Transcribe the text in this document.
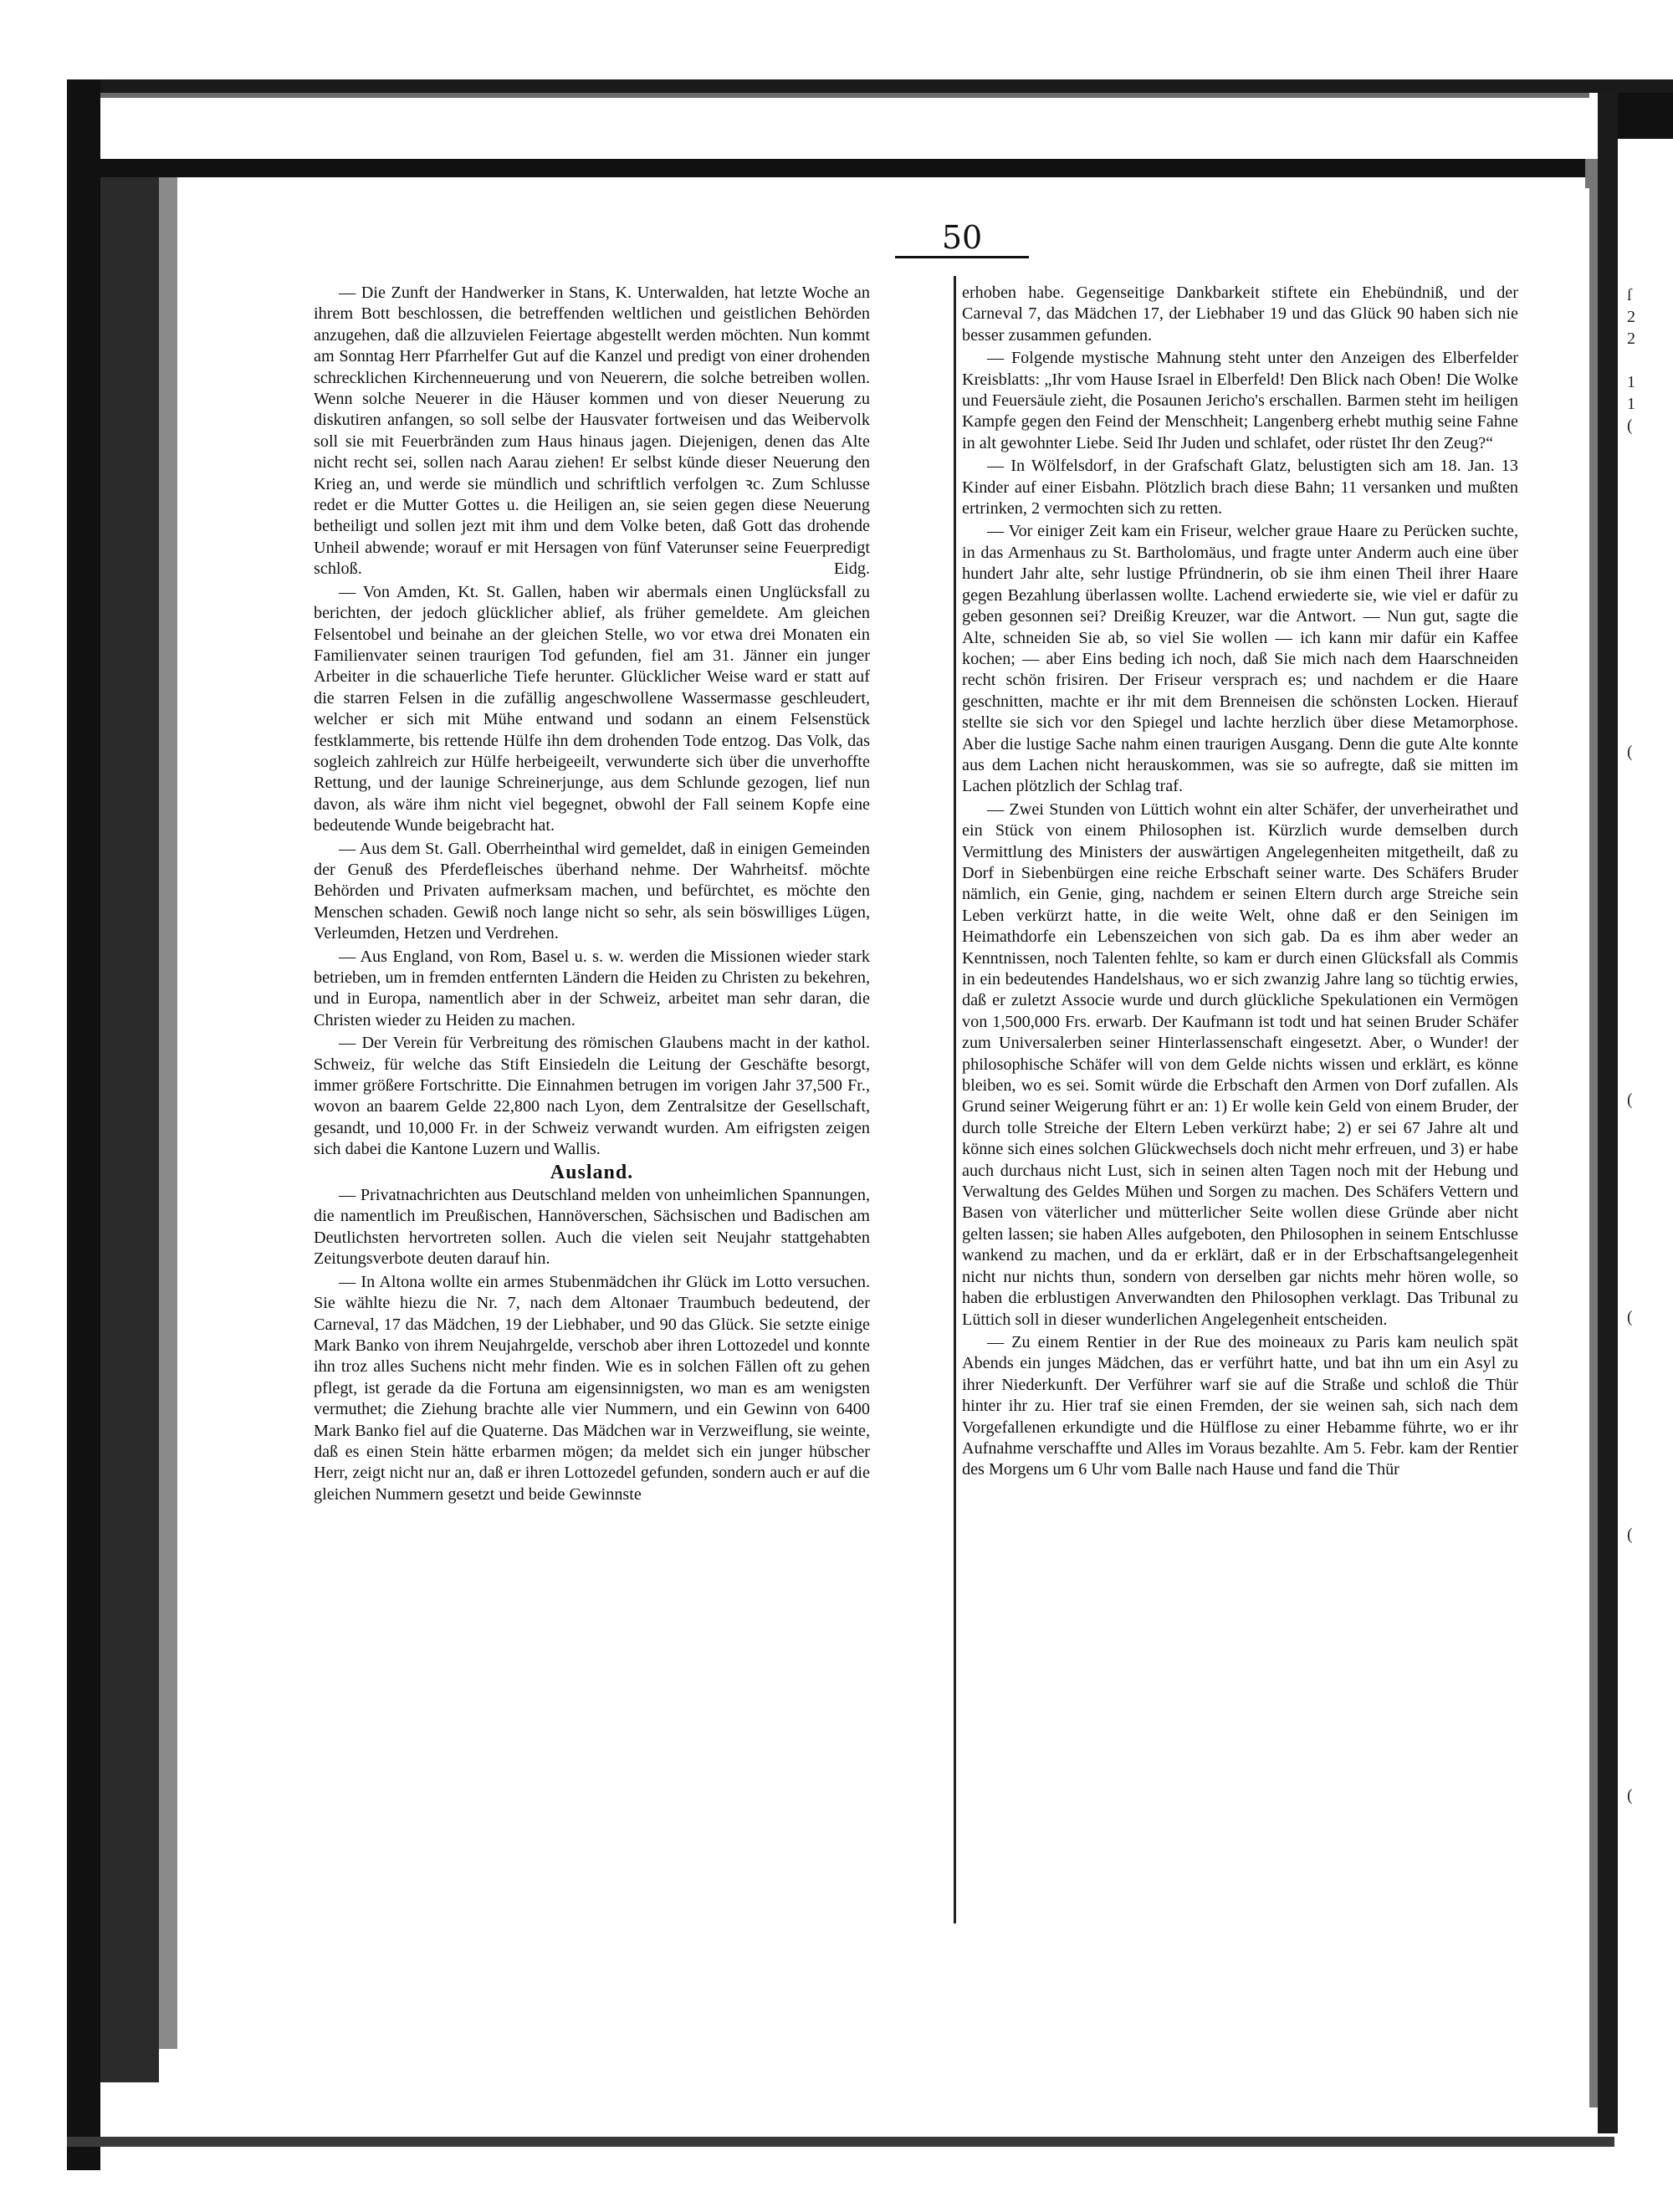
50

— Die Zunft der Handwerker in Stans, K. Unterwalden, hat letzte Woche an ihrem Bott beschlossen, die betreffenden weltlichen und geistlichen Behörden anzugehen, daß die allzuvielen Feiertage abgestellt werden möchten. Nun kommt am Sonntag Herr Pfarrhelfer Gut auf die Kanzel und predigt von einer drohenden schrecklichen Kirchenneuerung und von Neuerern, die solche betreiben wollen. Wenn solche Neuerer in die Häuser kommen und von dieser Neuerung zu diskutiren anfangen, so soll selbe der Hausvater fortweisen und das Weibervolk soll sie mit Feuerbränden zum Haus hinaus jagen. Diejenigen, denen das Alte nicht recht sei, sollen nach Aarau ziehen! Er selbst künde dieser Neuerung den Krieg an, und werde sie mündlich und schriftlich verfolgen ꝛc. Zum Schlusse redet er die Mutter Gottes u. die Heiligen an, sie seien gegen diese Neuerung betheiligt und sollen jezt mit ihm und dem Volke beten, daß Gott das drohende Unheil abwende; worauf er mit Hersagen von fünf Vaterunser seine Feuerpredigt schloß.	Eidg.

— Von Amden, Kt. St. Gallen, haben wir abermals einen Unglücksfall zu berichten, der jedoch glücklicher ablief, als früher gemeldete. Am gleichen Felsentobel und beinahe an der gleichen Stelle, wo vor etwa drei Monaten ein Familienvater seinen traurigen Tod gefunden, fiel am 31. Jänner ein junger Arbeiter in die schauerliche Tiefe herunter. Glücklicher Weise ward er statt auf die starren Felsen in die zufällig angeschwollene Wassermasse geschleudert, welcher er sich mit Mühe entwand und sodann an einem Felsenstück festklammerte, bis rettende Hülfe ihn dem drohenden Tode entzog. Das Volk, das sogleich zahlreich zur Hülfe herbeigeeilt, verwunderte sich über die unverhoffte Rettung, und der launige Schreinerjunge, aus dem Schlunde gezogen, lief nun davon, als wäre ihm nicht viel begegnet, obwohl der Fall seinem Kopfe eine bedeutende Wunde beigebracht hat.

— Aus dem St. Gall. Oberrheinthal wird gemeldet, daß in einigen Gemeinden der Genuß des Pferdefleisches überhand nehme. Der Wahrheitsf. möchte Behörden und Privaten aufmerksam machen, und befürchtet, es möchte den Menschen schaden. Gewiß noch lange nicht so sehr, als sein böswilliges Lügen, Verleumden, Hetzen und Verdrehen.

— Aus England, von Rom, Basel u. s. w. werden die Missionen wieder stark betrieben, um in fremden entfernten Ländern die Heiden zu Christen zu bekehren, und in Europa, namentlich aber in der Schweiz, arbeitet man sehr daran, die Christen wieder zu Heiden zu machen.

— Der Verein für Verbreitung des römischen Glaubens macht in der kathol. Schweiz, für welche das Stift Einsiedeln die Leitung der Geschäfte besorgt, immer größere Fortschritte. Die Einnahmen betrugen im vorigen Jahr 37,500 Fr., wovon an baarem Gelde 22,800 nach Lyon, dem Zentralsitze der Gesellschaft, gesandt, und 10,000 Fr. in der Schweiz verwandt wurden. Am eifrigsten zeigen sich dabei die Kantone Luzern und Wallis.

Ausland.

— Privatnachrichten aus Deutschland melden von unheimlichen Spannungen, die namentlich im Preußischen, Hannöverschen, Sächsischen und Badischen am Deutlichsten hervortreten sollen. Auch die vielen seit Neujahr stattgehabten Zeitungsverbote deuten darauf hin.

— In Altona wollte ein armes Stubenmädchen ihr Glück im Lotto versuchen. Sie wählte hiezu die Nr. 7, nach dem Altonaer Traumbuch bedeutend, der Carneval, 17 das Mädchen, 19 der Liebhaber, und 90 das Glück. Sie setzte einige Mark Banko von ihrem Neujahrgelde, verschob aber ihren Lottozedel und konnte ihn troz alles Suchens nicht mehr finden. Wie es in solchen Fällen oft zu gehen pflegt, ist gerade da die Fortuna am eigensinnigsten, wo man es am wenigsten vermuthet; die Ziehung brachte alle vier Nummern, und ein Gewinn von 6400 Mark Banko fiel auf die Quaterne. Das Mädchen war in Verzweiflung, sie weinte, daß es einen Stein hätte erbarmen mögen; da meldet sich ein junger hübscher Herr, zeigt nicht nur an, daß er ihren Lottozedel gefunden, sondern auch er auf die gleichen Nummern gesetzt und beide Gewinnste

erhoben habe. Gegenseitige Dankbarkeit stiftete ein Ehebündniß, und der Carneval 7, das Mädchen 17, der Liebhaber 19 und das Glück 90 haben sich nie besser zusammen gefunden.

— Folgende mystische Mahnung steht unter den Anzeigen des Elberfelder Kreisblatts: „Ihr vom Hause Israel in Elberfeld! Den Blick nach Oben! Die Wolke und Feuersäule zieht, die Posaunen Jericho's erschallen. Barmen steht im heiligen Kampfe gegen den Feind der Menschheit; Langenberg erhebt muthig seine Fahne in alt gewohnter Liebe. Seid Ihr Juden und schlafet, oder rüstet Ihr den Zeug?“

— In Wölfelsdorf, in der Grafschaft Glatz, belustigten sich am 18. Jan. 13 Kinder auf einer Eisbahn. Plötzlich brach diese Bahn; 11 versanken und mußten ertrinken, 2 vermochten sich zu retten.

— Vor einiger Zeit kam ein Friseur, welcher graue Haare zu Perücken suchte, in das Armenhaus zu St. Bartholomäus, und fragte unter Anderm auch eine über hundert Jahr alte, sehr lustige Pfründnerin, ob sie ihm einen Theil ihrer Haare gegen Bezahlung überlassen wollte. Lachend erwiederte sie, wie viel er dafür zu geben gesonnen sei? Dreißig Kreuzer, war die Antwort. — Nun gut, sagte die Alte, schneiden Sie ab, so viel Sie wollen — ich kann mir dafür ein Kaffee kochen; — aber Eins beding ich noch, daß Sie mich nach dem Haarschneiden recht schön frisiren. Der Friseur versprach es; und nachdem er die Haare geschnitten, machte er ihr mit dem Brenneisen die schönsten Locken. Hierauf stellte sie sich vor den Spiegel und lachte herzlich über diese Metamorphose. Aber die lustige Sache nahm einen traurigen Ausgang. Denn die gute Alte konnte aus dem Lachen nicht herauskommen, was sie so aufregte, daß sie mitten im Lachen plötzlich der Schlag traf.

— Zwei Stunden von Lüttich wohnt ein alter Schäfer, der unverheirathet und ein Stück von einem Philosophen ist. Kürzlich wurde demselben durch Vermittlung des Ministers der auswärtigen Angelegenheiten mitgetheilt, daß zu Dorf in Siebenbürgen eine reiche Erbschaft seiner warte. Des Schäfers Bruder nämlich, ein Genie, ging, nachdem er seinen Eltern durch arge Streiche sein Leben verkürzt hatte, in die weite Welt, ohne daß er den Seinigen im Heimathdorfe ein Lebenszeichen von sich gab. Da es ihm aber weder an Kenntnissen, noch Talenten fehlte, so kam er durch einen Glücksfall als Commis in ein bedeutendes Handelshaus, wo er sich zwanzig Jahre lang so tüchtig erwies, daß er zuletzt Associe wurde und durch glückliche Spekulationen ein Vermögen von 1,500,000 Frs. erwarb. Der Kaufmann ist todt und hat seinen Bruder Schäfer zum Universalerben seiner Hinterlassenschaft eingesetzt. Aber, o Wunder! der philosophische Schäfer will von dem Gelde nichts wissen und erklärt, es könne bleiben, wo es sei. Somit würde die Erbschaft den Armen von Dorf zufallen. Als Grund seiner Weigerung führt er an: 1) Er wolle kein Geld von einem Bruder, der durch tolle Streiche der Eltern Leben verkürzt habe; 2) er sei 67 Jahre alt und könne sich eines solchen Glückwechsels doch nicht mehr erfreuen, und 3) er habe auch durchaus nicht Lust, sich in seinen alten Tagen noch mit der Hebung und Verwaltung des Geldes Mühen und Sorgen zu machen. Des Schäfers Vettern und Basen von väterlicher und mütterlicher Seite wollen diese Gründe aber nicht gelten lassen; sie haben Alles aufgeboten, den Philosophen in seinem Entschlusse wankend zu machen, und da er erklärt, daß er in der Erbschaftsangelegenheit nicht nur nichts thun, sondern von derselben gar nichts mehr hören wolle, so haben die erblustigen Anverwandten den Philosophen verklagt. Das Tribunal zu Lüttich soll in dieser wunderlichen Angelegenheit entscheiden.

— Zu einem Rentier in der Rue des moineaux zu Paris kam neulich spät Abends ein junges Mädchen, das er verführt hatte, und bat ihn um ein Asyl zu ihrer Niederkunft. Der Verführer warf sie auf die Straße und schloß die Thür hinter ihr zu. Hier traf sie einen Fremden, der sie weinen sah, sich nach dem Vorgefallenen erkundigte und die Hülflose zu einer Hebamme führte, wo er ihr Aufnahme verschaffte und Alles im Voraus bezahlte. Am 5. Febr. kam der Rentier des Morgens um 6 Uhr vom Balle nach Hause und fand die Thür

ſ
2
2

1
1
(

(

(

(

(

(
